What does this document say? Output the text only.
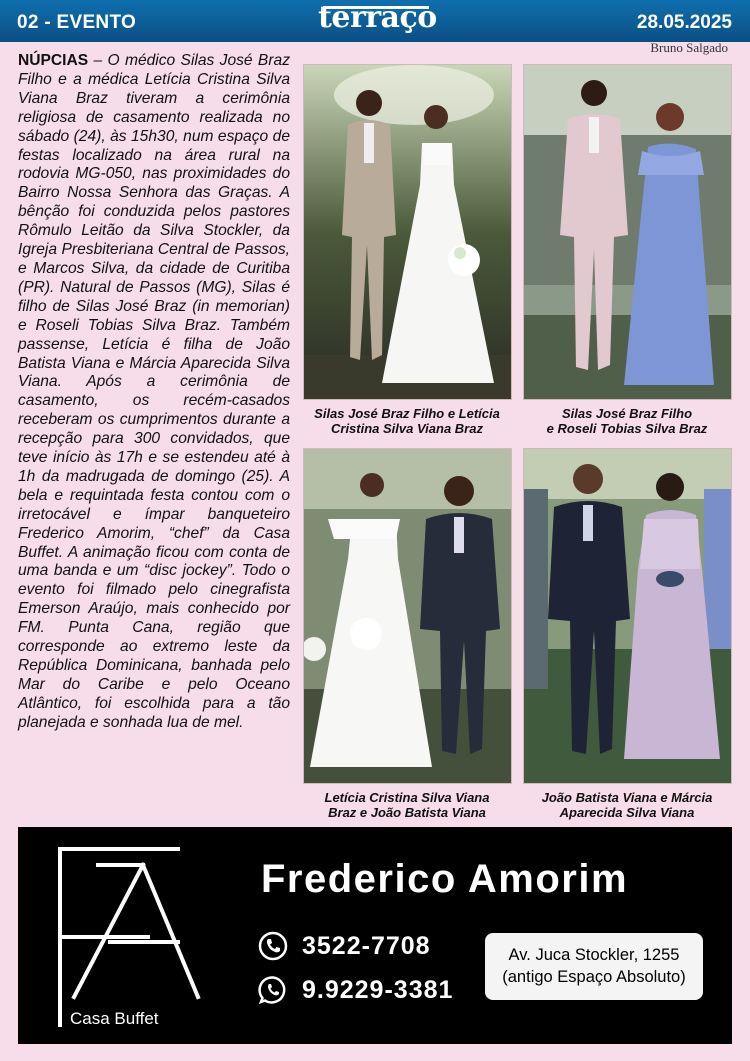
02 - EVENTO	terraço	28.05.2025
Bruno Salgado
NÚPCIAS – O médico Silas José Braz Filho e a médica Letícia Cristina Silva Viana Braz tiveram a cerimônia religiosa de casamento realizada no sábado (24), às 15h30, num espaço de festas localizado na área rural na rodovia MG-050, nas proximidades do Bairro Nossa Senhora das Graças. A bênção foi conduzida pelos pastores Rômulo Leitão da Silva Stockler, da Igreja Presbiteriana Central de Passos, e Marcos Silva, da cidade de Curitiba (PR). Natural de Passos (MG), Silas é filho de Silas José Braz (in memorian) e Roseli Tobias Silva Braz. Também passense, Letícia é filha de João Batista Viana e Márcia Aparecida Silva Viana. Após a cerimônia de casamento, os recém-casados receberam os cumprimentos durante a recepção para 300 convidados, que teve início às 17h e se estendeu até à 1h da madrugada de domingo (25). A bela e requintada festa contou com o irretocável e ímpar banqueteiro Frederico Amorim, “chef” da Casa Buffet. A animação ficou com conta de uma banda e um “disc jockey”. Todo o evento foi filmado pelo cinegrafista Emerson Araújo, mais conhecido por FM. Punta Cana, região que corresponde ao extremo leste da República Dominicana, banhada pelo Mar do Caribe e pelo Oceano Atlântico, foi escolhida para a tão planejada e sonhada lua de mel.
Silas José Braz Filho e Letícia
Cristina Silva Viana Braz
Silas José Braz Filho
e Roseli Tobias Silva Braz
Letícia Cristina Silva Viana
Braz e João Batista Viana
João Batista Viana e Márcia
Aparecida Silva Viana
Casa Buffet
Frederico Amorim
3522-7708
9.9229-3381
Av. Juca Stockler, 1255
(antigo Espaço Absoluto)
